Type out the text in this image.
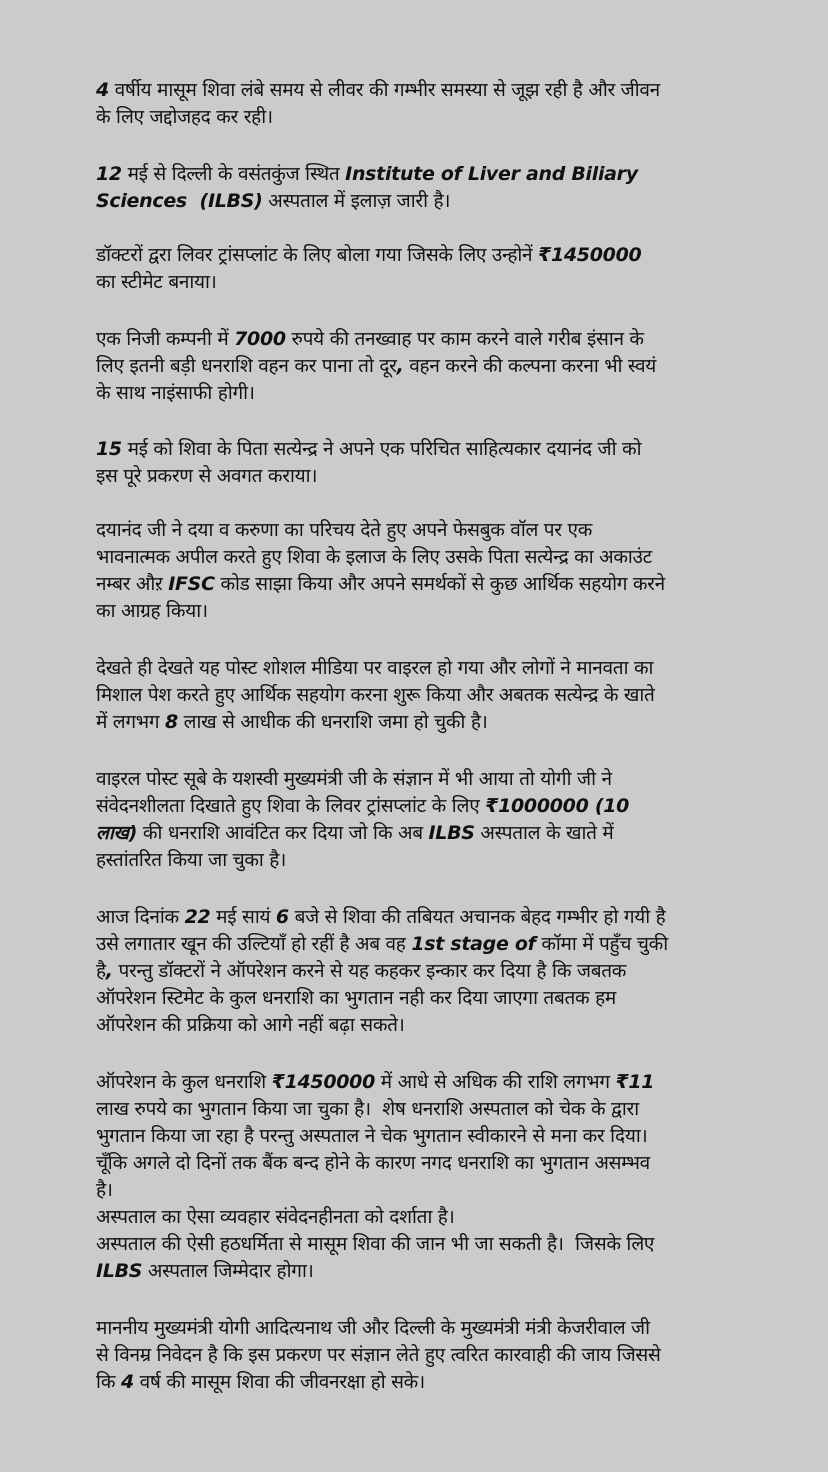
4 वर्षीय मासूम शिवा लंबे समय से लीवर की गम्भीर समस्या से जूझ रही है और जीवन
के लिए जद्दोजहद कर रही।

12 मई से दिल्ली के वसंतकुंज स्थित Institute of Liver and Biliary
Sciences  (ILBS) अस्पताल में इलाज़ जारी है।

डॉक्टरों द्वरा लिवर ट्रांसप्लांट के लिए बोला गया जिसके लिए उन्होनें ₹1450000
का स्टीमेट बनाया।

एक निजी कम्पनी में 7000 रुपये की तनख्वाह पर काम करने वाले गरीब इंसान के
लिए इतनी बड़ी धनराशि वहन कर पाना तो दूर, वहन करने की कल्पना करना भी स्वयं
के साथ नाइंसाफी होगी।

15 मई को शिवा के पिता सत्येन्द्र ने अपने एक परिचित साहित्यकार दयानंद जी को
इस पूरे प्रकरण से अवगत कराया।

दयानंद जी ने दया व करुणा का परिचय देते हुए अपने फेसबुक वॉल पर एक
भावनात्मक अपील करते हुए शिवा के इलाज के लिए उसके पिता सत्येन्द्र का अकाउंट
नम्बर औऱ IFSC कोड साझा किया और अपने समर्थकों से कुछ आर्थिक सहयोग करने
का आग्रह किया।

देखते ही देखते यह पोस्ट शोशल मीडिया पर वाइरल हो गया और लोगों ने मानवता का
मिशाल पेश करते हुए आर्थिक सहयोग करना शुरू किया और अबतक सत्येन्द्र के खाते
में लगभग 8 लाख से आधीक की धनराशि जमा हो चुकी है।

वाइरल पोस्ट सूबे के यशस्वी मुख्यमंत्री जी के संज्ञान में भी आया तो योगी जी ने
संवेदनशीलता दिखाते हुए शिवा के लिवर ट्रांसप्लांट के लिए ₹1000000 (10
लाख) की धनराशि आवंटित कर दिया जो कि अब ILBS अस्पताल के खाते में
हस्तांतरित किया जा चुका है।

आज दिनांक 22 मई सायं 6 बजे से शिवा की तबियत अचानक बेहद गम्भीर हो गयी है
उसे लगातार खून की उल्टियाँ हो रहीं है अब वह 1st stage of कॉमा में पहुँच चुकी
है, परन्तु डॉक्टरों ने ऑपरेशन करने से यह कहकर इन्कार कर दिया है कि जबतक
ऑपरेशन स्टिमेट के कुल धनराशि का भुगतान नही कर दिया जाएगा तबतक हम
ऑपरेशन की प्रक्रिया को आगे नहीं बढ़ा सकते।

ऑपरेशन के कुल धनराशि ₹1450000 में आधे से अधिक की राशि लगभग ₹11
लाख रुपये का भुगतान किया जा चुका है।  शेष धनराशि अस्पताल को चेक के द्वारा
भुगतान किया जा रहा है परन्तु अस्पताल ने चेक भुगतान स्वीकारने से मना कर दिया।
चूँकि अगले दो दिनों तक बैंक बन्द होने के कारण नगद धनराशि का भुगतान असम्भव
है।
अस्पताल का ऐसा व्यवहार संवेदनहीनता को दर्शाता है।
अस्पताल की ऐसी हठधर्मिता से मासूम शिवा की जान भी जा सकती है।  जिसके लिए
ILBS अस्पताल जिम्मेदार होगा।

माननीय मुख्यमंत्री योगी आदित्यनाथ जी और दिल्ली के मुख्यमंत्री मंत्री केजरीवाल जी
से विनम्र निवेदन है कि इस प्रकरण पर संज्ञान लेते हुए त्वरित कारवाही की जाय जिससे
कि 4 वर्ष की मासूम शिवा की जीवनरक्षा हो सके।
